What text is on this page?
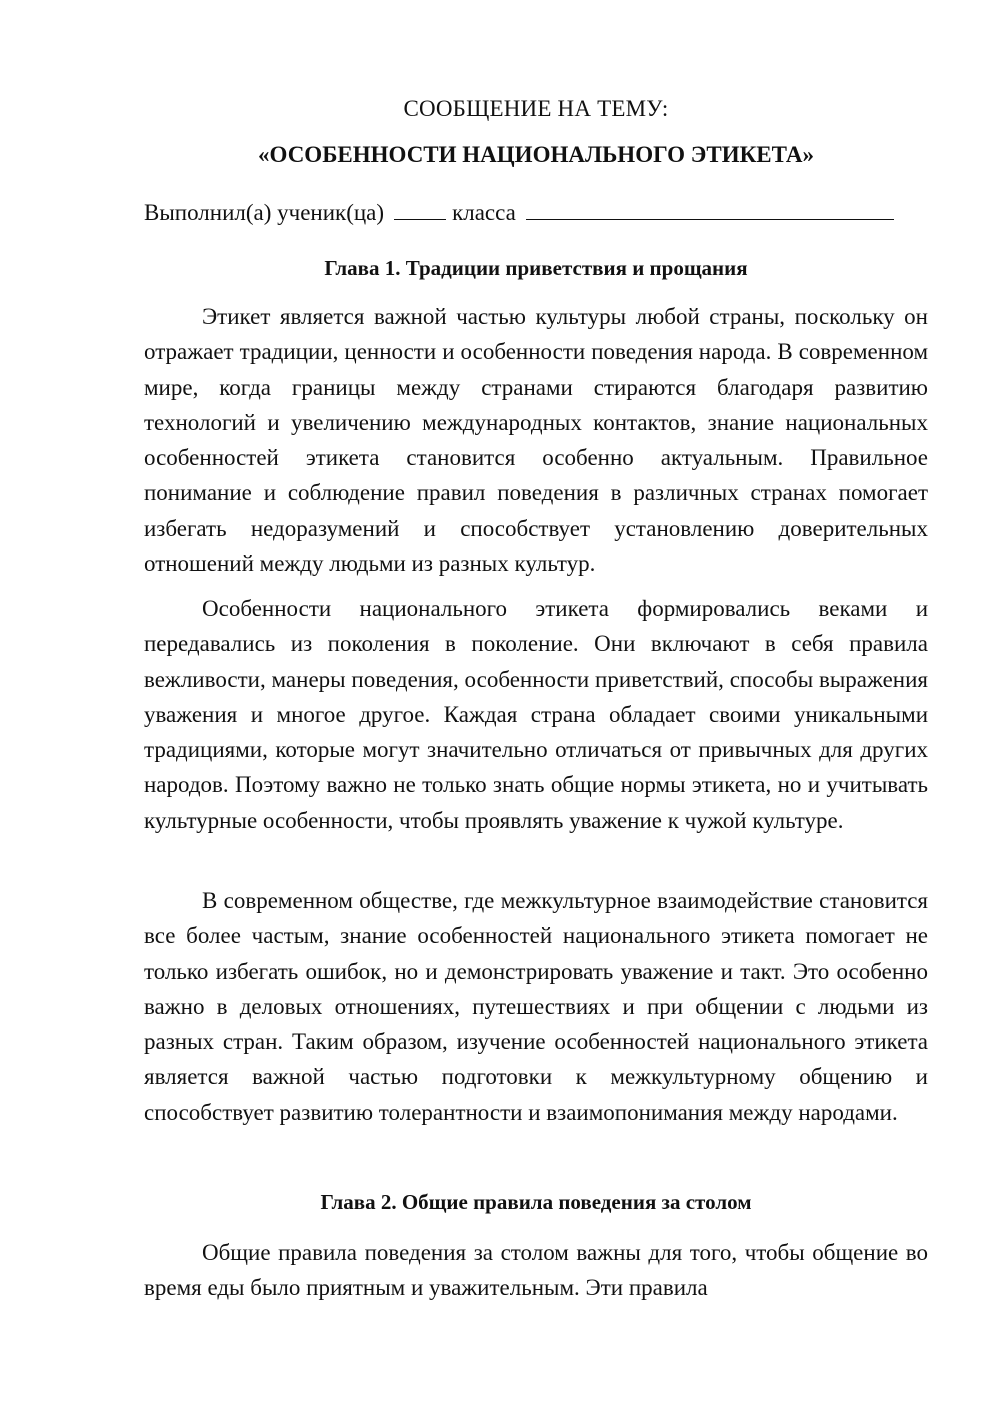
СООБЩЕНИЕ НА ТЕМУ:
«ОСОБЕННОСТИ НАЦИОНАЛЬНОГО ЭТИКЕТА»
Выполнил(а) ученик(ца)	класса
Глава 1. Традиции приветствия и прощания

Этикет является важной частью культуры любой страны, поскольку он отражает традиции, ценности и особенности поведения народа. В современном мире, когда границы между странами стираются благодаря развитию технологий и увеличению международных контактов, знание национальных особенностей этикета становится особенно актуальным. Правильное понимание и соблюдение правил поведения в различных странах помогает избегать недоразумений и способствует установлению доверительных отношений между людьми из разных культур.

Особенности национального этикета формировались веками и передавались из поколения в поколение. Они включают в себя правила вежливости, манеры поведения, особенности приветствий, способы выражения уважения и многое другое. Каждая страна обладает своими уникальными традициями, которые могут значительно отличаться от привычных для других народов. Поэтому важно не только знать общие нормы этикета, но и учитывать культурные особенности, чтобы проявлять уважение к чужой культуре.

В современном обществе, где межкультурное взаимодействие становится все более частым, знание особенностей национального этикета помогает не только избегать ошибок, но и демонстрировать уважение и такт. Это особенно важно в деловых отношениях, путешествиях и при общении с людьми из разных стран. Таким образом, изучение особенностей национального этикета является важной частью подготовки к межкультурному общению и способствует развитию толерантности и взаимопонимания между народами.

Глава 2. Общие правила поведения за столом

Общие правила поведения за столом важны для того, чтобы общение во время еды было приятным и уважительным. Эти правила
